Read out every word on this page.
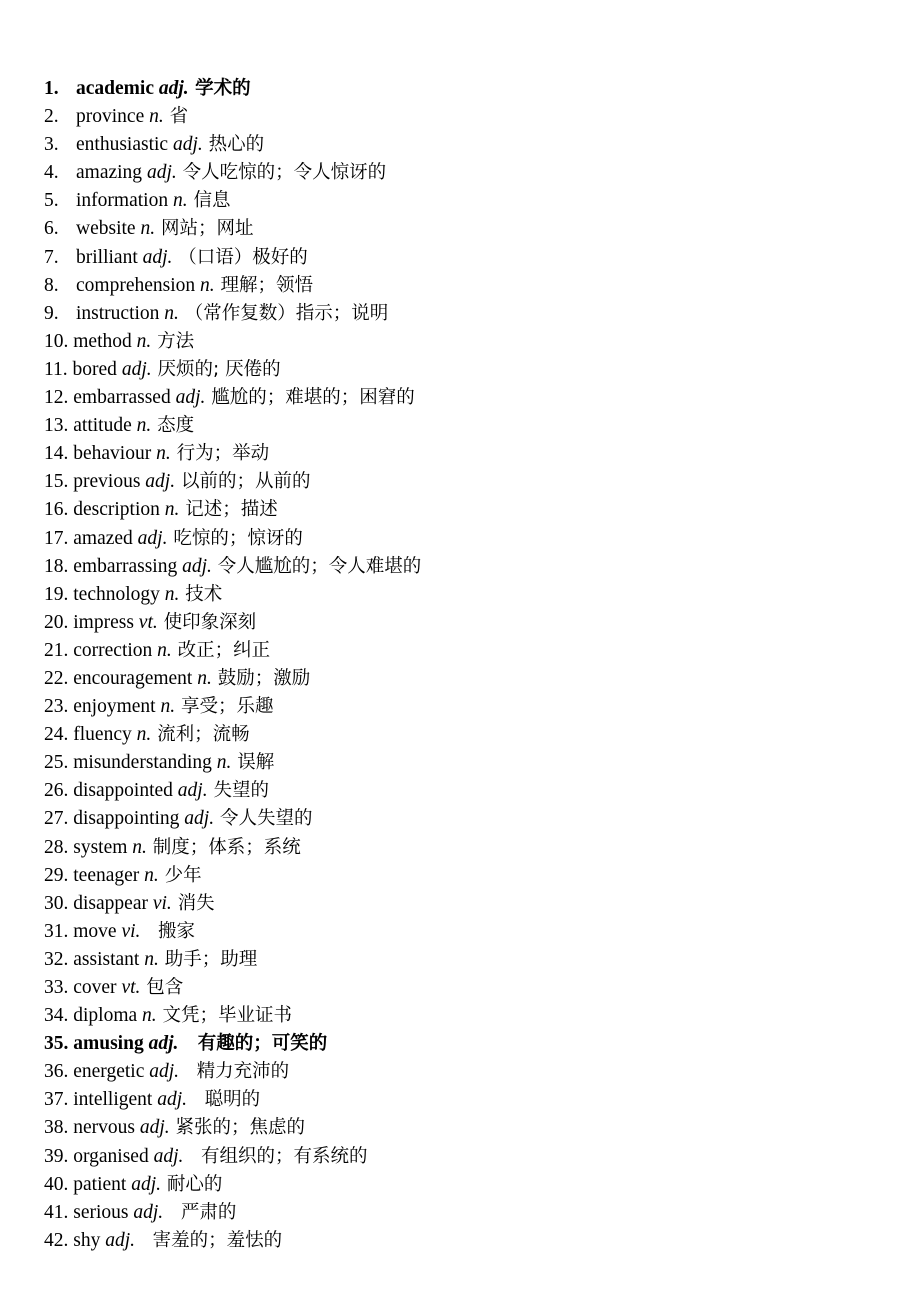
1. academic adj. 学术的
2. province n. 省
3. enthusiastic adj. 热心的
4. amazing adj. 令人吃惊的；令人惊讶的
5. information n. 信息
6. website n. 网站；网址
7. brilliant adj. （口语）极好的
8. comprehension n. 理解；领悟
9. instruction n. （常作复数）指示；说明
10. method n. 方法
11. bored adj. 厌烦的; 厌倦的
12. embarrassed adj. 尴尬的；难堪的；困窘的
13. attitude n. 态度
14. behaviour n. 行为；举动
15. previous adj. 以前的；从前的
16. description n. 记述；描述
17. amazed adj. 吃惊的；惊讶的
18. embarrassing adj. 令人尴尬的；令人难堪的
19. technology n. 技术
20. impress vt. 使印象深刻
21. correction n. 改正；纠正
22. encouragement n. 鼓励；激励
23. enjoyment n. 享受；乐趣
24. fluency n. 流利；流畅
25. misunderstanding n. 误解
26. disappointed adj. 失望的
27. disappointing adj. 令人失望的
28. system n. 制度；体系；系统
29. teenager n. 少年
30. disappear vi. 消失
31. move vi.   搬家
32. assistant n. 助手；助理
33. cover vt. 包含
34. diploma n. 文凭；毕业证书
35. amusing adj.   有趣的；可笑的
36. energetic adj.   精力充沛的
37. intelligent adj.   聪明的
38. nervous adj. 紧张的；焦虑的
39. organised adj.   有组织的；有系统的
40. patient adj. 耐心的
41. serious adj.   严肃的
42. shy adj.   害羞的；羞怯的
